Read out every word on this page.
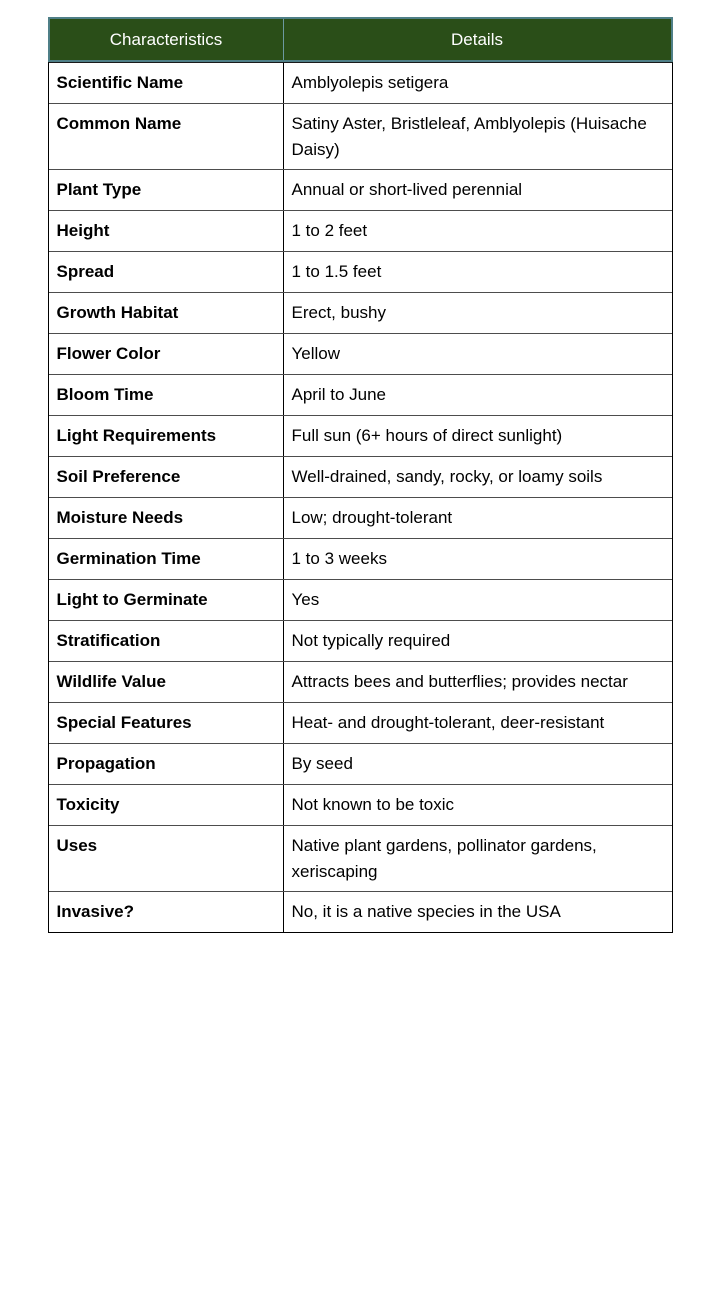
Characteristics	Details
Scientific Name	Amblyolepis setigera
Common Name	Satiny Aster, Bristleleaf, Amblyolepis (Huisache Daisy)
Plant Type	Annual or short-lived perennial
Height	1 to 2 feet
Spread	1 to 1.5 feet
Growth Habitat	Erect, bushy
Flower Color	Yellow
Bloom Time	April to June
Light Requirements	Full sun (6+ hours of direct sunlight)
Soil Preference	Well-drained, sandy, rocky, or loamy soils
Moisture Needs	Low; drought-tolerant
Germination Time	1 to 3 weeks
Light to Germinate	Yes
Stratification	Not typically required
Wildlife Value	Attracts bees and butterflies; provides nectar
Special Features	Heat- and drought-tolerant, deer-resistant
Propagation	By seed
Toxicity	Not known to be toxic
Uses	Native plant gardens, pollinator gardens, xeriscaping
Invasive?	No, it is a native species in the USA
